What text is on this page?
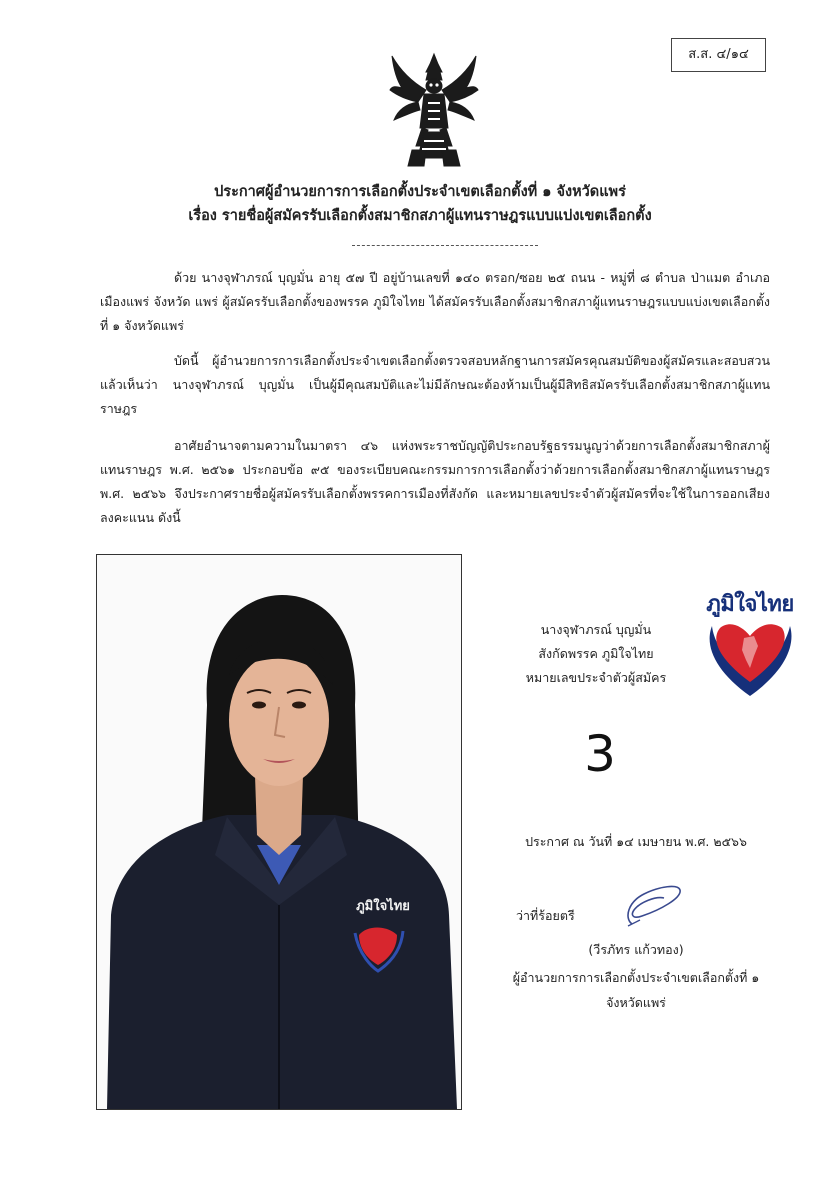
ส.ส. ๔/๑๔
ประกาศผู้อำนวยการการเลือกตั้งประจำเขตเลือกตั้งที่ ๑ จังหวัดแพร่
เรื่อง รายชื่อผู้สมัครรับเลือกตั้งสมาชิกสภาผู้แทนราษฎรแบบแบ่งเขตเลือกตั้ง

ด้วย นางจุฬาภรณ์ บุญมั่น อายุ ๕๗ ปี อยู่บ้านเลขที่ ๑๔๐ ตรอก/ซอย ๒๕ ถนน - หมู่ที่ ๘ ตำบล ป่าแมต อำเภอ เมืองแพร่ จังหวัด แพร่ ผู้สมัครรับเลือกตั้งของพรรค ภูมิใจไทย ได้สมัครรับเลือกตั้งสมาชิกสภาผู้แทนราษฎรแบบแบ่งเขตเลือกตั้งที่ ๑ จังหวัดแพร่

บัดนี้ ผู้อำนวยการการเลือกตั้งประจำเขตเลือกตั้งตรวจสอบหลักฐานการสมัครคุณสมบัติของผู้สมัครและสอบสวนแล้วเห็นว่า นางจุฬาภรณ์ บุญมั่น เป็นผู้มีคุณสมบัติและไม่มีลักษณะต้องห้ามเป็นผู้มีสิทธิสมัครรับเลือกตั้งสมาชิกสภาผู้แทนราษฎร

อาศัยอำนาจตามความในมาตรา ๔๖ แห่งพระราชบัญญัติประกอบรัฐธรรมนูญว่าด้วยการเลือกตั้งสมาชิกสภาผู้แทนราษฎร พ.ศ. ๒๕๖๑ ประกอบข้อ ๙๕ ของระเบียบคณะกรรมการการเลือกตั้งว่าด้วยการเลือกตั้งสมาชิกสภาผู้แทนราษฎร พ.ศ. ๒๕๖๖ จึงประกาศรายชื่อผู้สมัครรับเลือกตั้งพรรคการเมืองที่สังกัด และหมายเลขประจำตัวผู้สมัครที่จะใช้ในการออกเสียงลงคะแนน ดังนี้

ภูมิใจไทย
ภูมิใจไทย
นางจุฬาภรณ์ บุญมั่น
สังกัดพรรค ภูมิใจไทย
หมายเลขประจำตัวผู้สมัคร
3
ประกาศ ณ วันที่ ๑๔ เมษายน พ.ศ. ๒๕๖๖
ว่าที่ร้อยตรี
(วีรภัทร แก้วทอง)
ผู้อำนวยการการเลือกตั้งประจำเขตเลือกตั้งที่ ๑
จังหวัดแพร่
